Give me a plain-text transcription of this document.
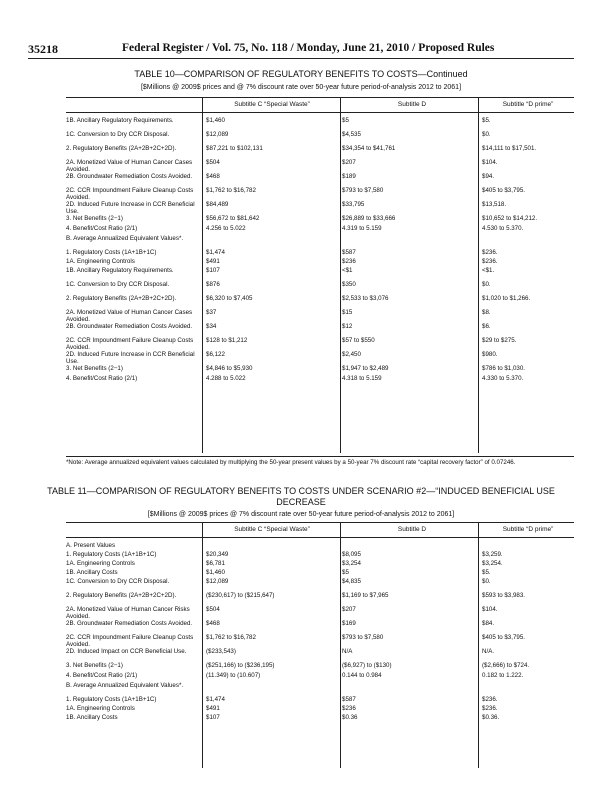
35218	Federal Register / Vol. 75, No. 118 / Monday, June 21, 2010 / Proposed Rules
TABLE 10—COMPARISON OF REGULATORY BENEFITS TO COSTS—Continued
[$Millions @ 2009$ prices and @ 7% discount rate over 50-year future period-of-analysis 2012 to 2061]
Subtitle C “Special Waste”	Subtitle D	Subtitle “D prime”
1B. Ancillary Regulatory Requirements.	$1,460	$5	$5.
1C. Conversion to Dry CCR Disposal.	$12,089	$4,535	$0.
2. Regulatory Benefits (2A+2B+2C+2D).	$87,221 to $102,131	$34,354 to $41,761	$14,111 to $17,501.
2A. Monetized Value of Human Cancer Cases Avoided.
$504	$207	$104.
2B. Groundwater Remediation Costs Avoided.	$468	$189	$94.
2C. CCR Impoundment Failure Cleanup Costs Avoided.
$1,762 to $16,782	$793 to $7,580	$405 to $3,795.
2D. Induced Future Increase in CCR Beneficial Use.
$84,489	$33,795	$13,518.
3. Net Benefits (2−1)	$56,672 to $81,642	$26,889 to $33,666	$10,652 to $14,212.
4. Benefit/Cost Ratio (2/1)	4.256 to 5.022	4.319 to 5.159	4.530 to 5.370.
B. Average Annualized Equivalent Values*.
1. Regulatory Costs (1A+1B+1C)	$1,474	$587	$236.
1A. Engineering Controls	$491	$236	$236.
1B. Ancillary Regulatory Requirements.	$107	<$1	<$1.
1C. Conversion to Dry CCR Disposal.	$876	$350	$0.
2. Regulatory Benefits (2A+2B+2C+2D).	$6,320 to $7,405	$2,533 to $3,076	$1,020 to $1,266.
2A. Monetized Value of Human Cancer Cases Avoided.
$37	$15	$8.
2B. Groundwater Remediation Costs Avoided.	$34	$12	$6.
2C. CCR Impoundment Failure Cleanup Costs Avoided.
$128 to $1,212	$57 to $550	$29 to $275.
2D. Induced Future Increase in CCR Beneficial Use.
$6,122	$2,450	$980.
3. Net Benefits (2−1)	$4,846 to $5,930	$1,947 to $2,489	$786 to $1,030.
4. Benefit/Cost Ratio (2/1)	4.288 to 5.022	4.318 to 5.159	4.330 to 5.370.
*Note: Average annualized equivalent values calculated by multiplying the 50-year present values by a 50-year 7% discount rate “capital recovery factor” of 0.07246.
TABLE 11—COMPARISON OF REGULATORY BENEFITS TO COSTS UNDER SCENARIO #2—“INDUCED BENEFICIAL USE DECREASE
[$Millions @ 2009$ prices @ 7% discount rate over 50-year future period-of-analysis 2012 to 2061]
Subtitle C “Special Waste”	Subtitle D	Subtitle “D prime”
A. Present Values
1. Regulatory Costs (1A+1B+1C)	$20,349	$8,095	$3,259.
1A. Engineering Controls	$6,781	$3,254	$3,254.
1B. Ancillary Costs	$1,460	$5	$5.
1C. Conversion to Dry CCR Disposal.	$12,089	$4,835	$0.
2. Regulatory Benefits (2A+2B+2C+2D).	($230,617) to ($215,647)	$1,169 to $7,965	$593 to $3,983.
2A. Monetized Value of Human Cancer Risks Avoided.
$504	$207	$104.
2B. Groundwater Remediation Costs Avoided.	$468	$169	$84.
2C. CCR Impoundment Failure Cleanup Costs Avoided.
$1,762 to $16,782	$793 to $7,580	$405 to $3,795.
2D. Induced Impact on CCR Beneficial Use.	($233,543)	N/A	N/A.
3. Net Benefits (2−1)	($251,166) to ($236,195)	($6,927) to ($130)	($2,666) to $724.
4. Benefit/Cost Ratio (2/1)	(11.349) to (10.607)	0.144 to 0.984	0.182 to 1.222.
B. Average Annualized Equivalent Values*.
1. Regulatory Costs (1A+1B+1C)	$1,474	$587	$236.
1A. Engineering Controls	$491	$236	$236.
1B. Ancillary Costs	$107	$0.36	$0.36.
